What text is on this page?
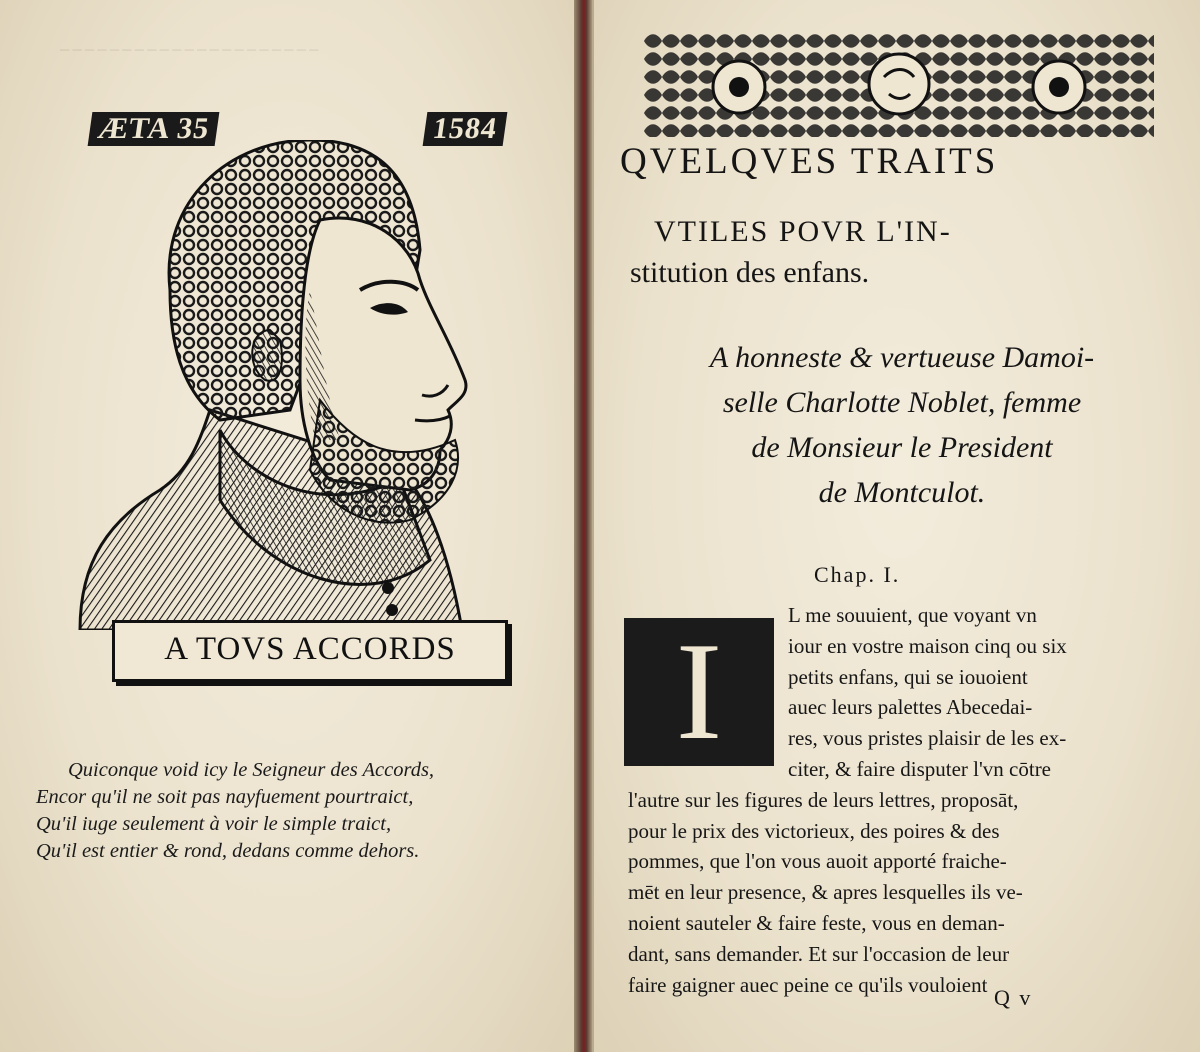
─ ─ ─ ─ ─ ─ ─ ─ ─ ─ ─ ─ ─ ─ ─ ─ ─ ─ ─ ─ ─
ÆTA 35	1584
A TOVS ACCORDS
Quiconque void icy le Seigneur des Accords,
Encor qu'il ne soit pas nayfuement pourtraict,
Qu'il iuge seulement à voir le simple traict,
Qu'il est entier & rond, dedans comme dehors.
QVELQVES TRAITS
VTILES POVR L'IN-
stitution des enfans.
A honneste & vertueuse Damoi-
selle Charlotte Noblet, femme
de Monsieur le President
de Montculot.
Chap. I.
I	L me souuient, que voyant vn
iour en vostre maison cinq ou six
petits enfans, qui se iouoient
auec leurs palettes Abecedai-
res, vous pristes plaisir de les ex-
citer, & faire disputer l'vn cōtre
l'autre sur les figures de leurs lettres, proposāt,
pour le prix des victorieux, des poires & des
pommes, que l'on vous auoit apporté fraiche-
mēt en leur presence, & apres lesquelles ils ve-
noient sauteler & faire feste, vous en deman-
dant, sans demander. Et sur l'occasion de leur
faire gaigner auec peine ce qu'ils vouloient
Q v
